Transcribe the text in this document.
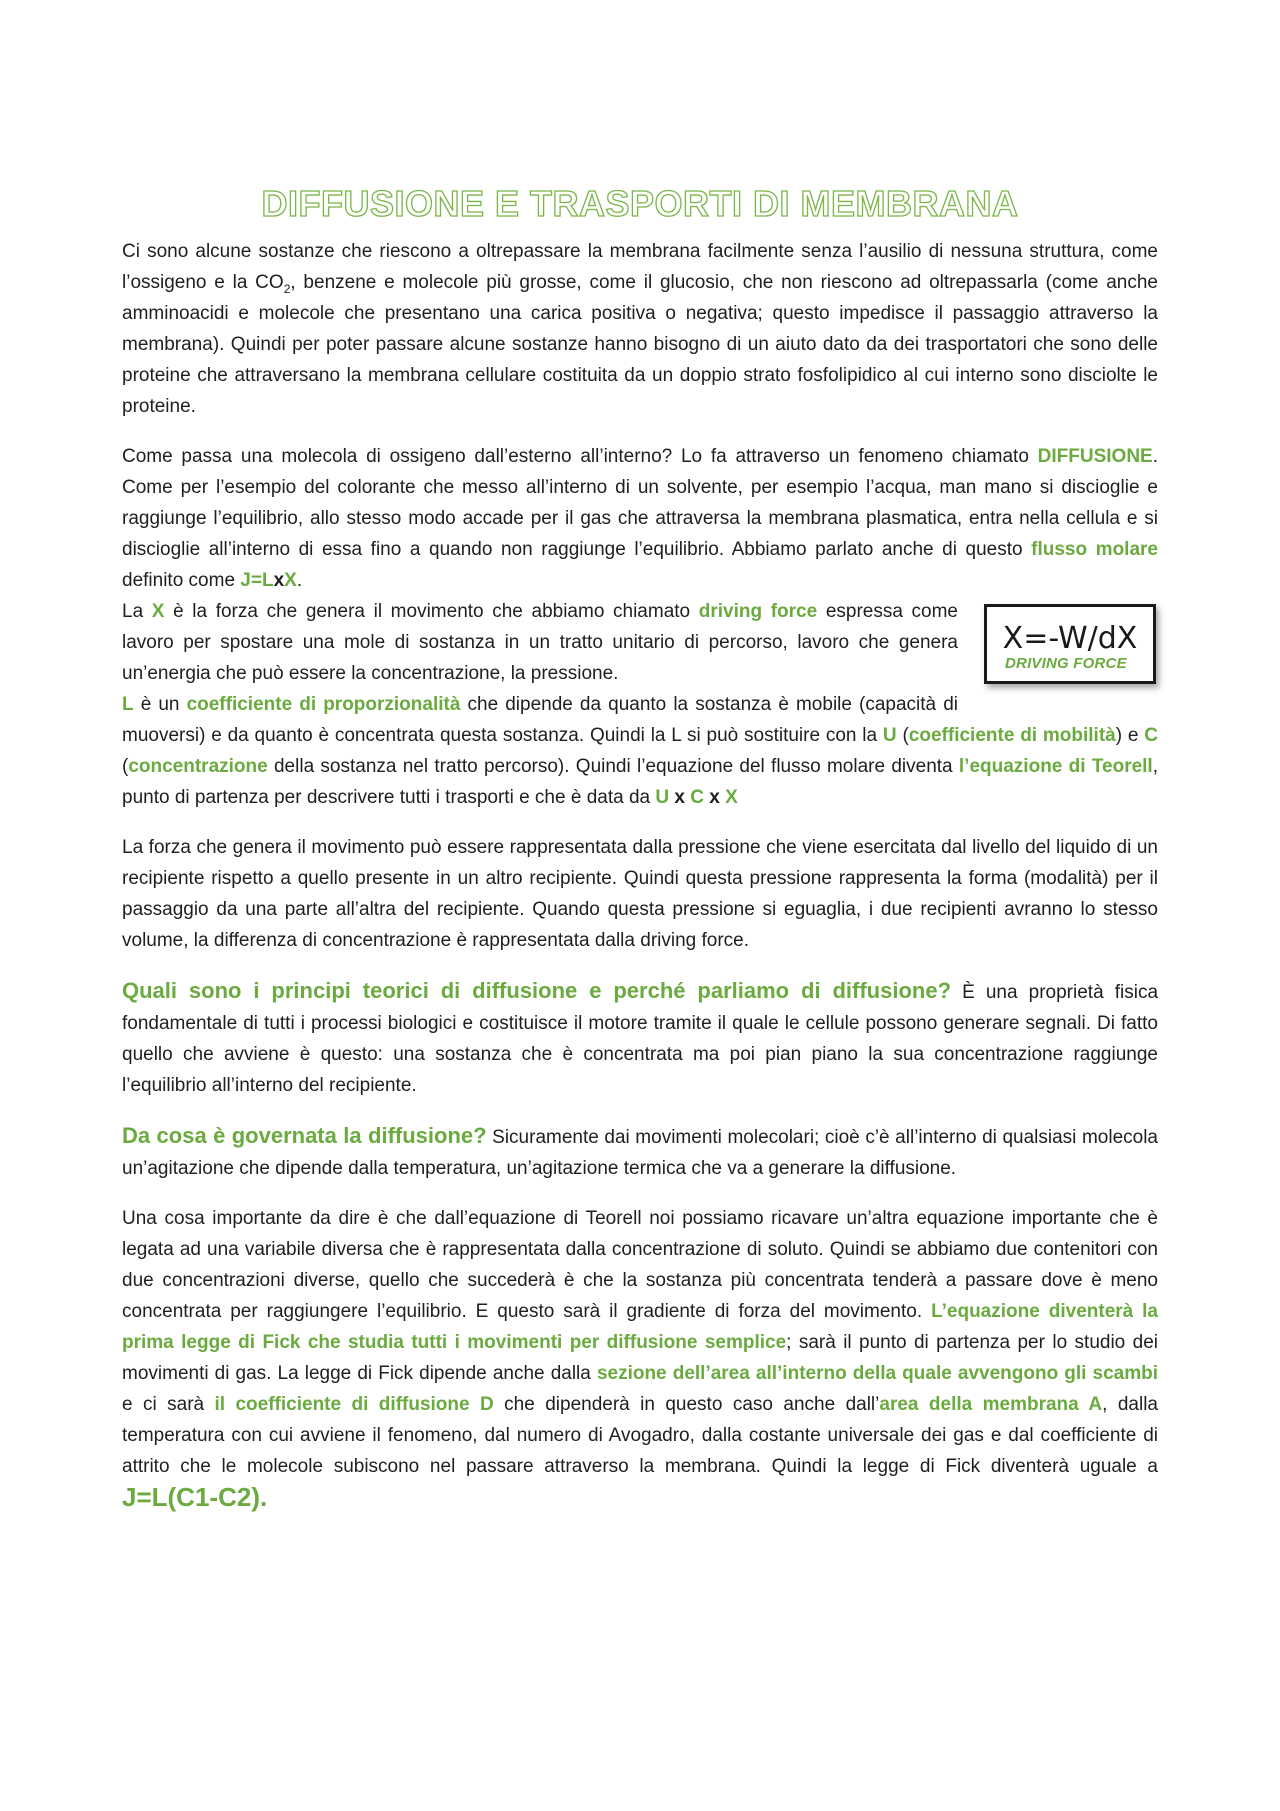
DIFFUSIONE E TRASPORTI DI MEMBRANA

Ci sono alcune sostanze che riescono a oltrepassare la membrana facilmente senza l’ausilio di nessuna struttura, come l’ossigeno e la $CO_2$, benzene e molecole più grosse, come il glucosio, che non riescono ad oltrepassarla (come anche amminoacidi e molecole che presentano una carica positiva o negativa; questo impedisce il passaggio attraverso la membrana). Quindi per poter passare alcune sostanze hanno bisogno di un aiuto dato da dei trasportatori che sono delle proteine che attraversano la membrana cellulare costituita da un doppio strato fosfolipidico al cui interno sono disciolte le proteine.

Come passa una molecola di ossigeno dall’esterno all’interno? Lo fa attraverso un fenomeno chiamato DIFFUSIONE. Come per l’esempio del colorante che messo all’interno di un solvente, per esempio l’acqua, man mano si discioglie e raggiunge l’equilibrio, allo stesso modo accade per il gas che attraversa la membrana plasmatica, entra nella cellula e si discioglie all’interno di essa fino a quando non raggiunge l’equilibrio. Abbiamo parlato anche di questo flusso molare definito come J=LxX.

X=-W/dX
DRIVING FORCE

La X è la forza che genera il movimento che abbiamo chiamato driving force espressa come lavoro per spostare una mole di sostanza in un tratto unitario di percorso, lavoro che genera un’energia che può essere la concentrazione, la pressione.

L è un coefficiente di proporzionalità che dipende da quanto la sostanza è mobile (capacità di muoversi) e da quanto è concentrata questa sostanza. Quindi la L si può sostituire con la U (coefficiente di mobilità) e C (concentrazione della sostanza nel tratto percorso). Quindi l’equazione del flusso molare diventa l’equazione di Teorell, punto di partenza per descrivere tutti i trasporti e che è data da U x C x X

La forza che genera il movimento può essere rappresentata dalla pressione che viene esercitata dal livello del liquido di un recipiente rispetto a quello presente in un altro recipiente. Quindi questa pressione rappresenta la forma (modalità) per il passaggio da una parte all’altra del recipiente. Quando questa pressione si eguaglia, i due recipienti avranno lo stesso volume, la differenza di concentrazione è rappresentata dalla driving force.

Quali sono i principi teorici di diffusione e perché parliamo di diffusione? È una proprietà fisica fondamentale di tutti i processi biologici e costituisce il motore tramite il quale le cellule possono generare segnali. Di fatto quello che avviene è questo: una sostanza che è concentrata ma poi pian piano la sua concentrazione raggiunge l’equilibrio all’interno del recipiente.

Da cosa è governata la diffusione? Sicuramente dai movimenti molecolari; cioè c’è all’interno di qualsiasi molecola un’agitazione che dipende dalla temperatura, un’agitazione termica che va a generare la diffusione.

Una cosa importante da dire è che dall’equazione di Teorell noi possiamo ricavare un’altra equazione importante che è legata ad una variabile diversa che è rappresentata dalla concentrazione di soluto. Quindi se abbiamo due contenitori con due concentrazioni diverse, quello che succederà è che la sostanza più concentrata tenderà a passare dove è meno concentrata per raggiungere l’equilibrio. E questo sarà il gradiente di forza del movimento. L’equazione diventerà la prima legge di Fick che studia tutti i movimenti per diffusione semplice; sarà il punto di partenza per lo studio dei movimenti di gas. La legge di Fick dipende anche dalla sezione dell’area all’interno della quale avvengono gli scambi e ci sarà il coefficiente di diffusione D che dipenderà in questo caso anche dall’area della membrana A, dalla temperatura con cui avviene il fenomeno, dal numero di Avogadro, dalla costante universale dei gas e dal coefficiente di attrito che le molecole subiscono nel passare attraverso la membrana. Quindi la legge di Fick diventerà uguale a J=L(C1-C2).
